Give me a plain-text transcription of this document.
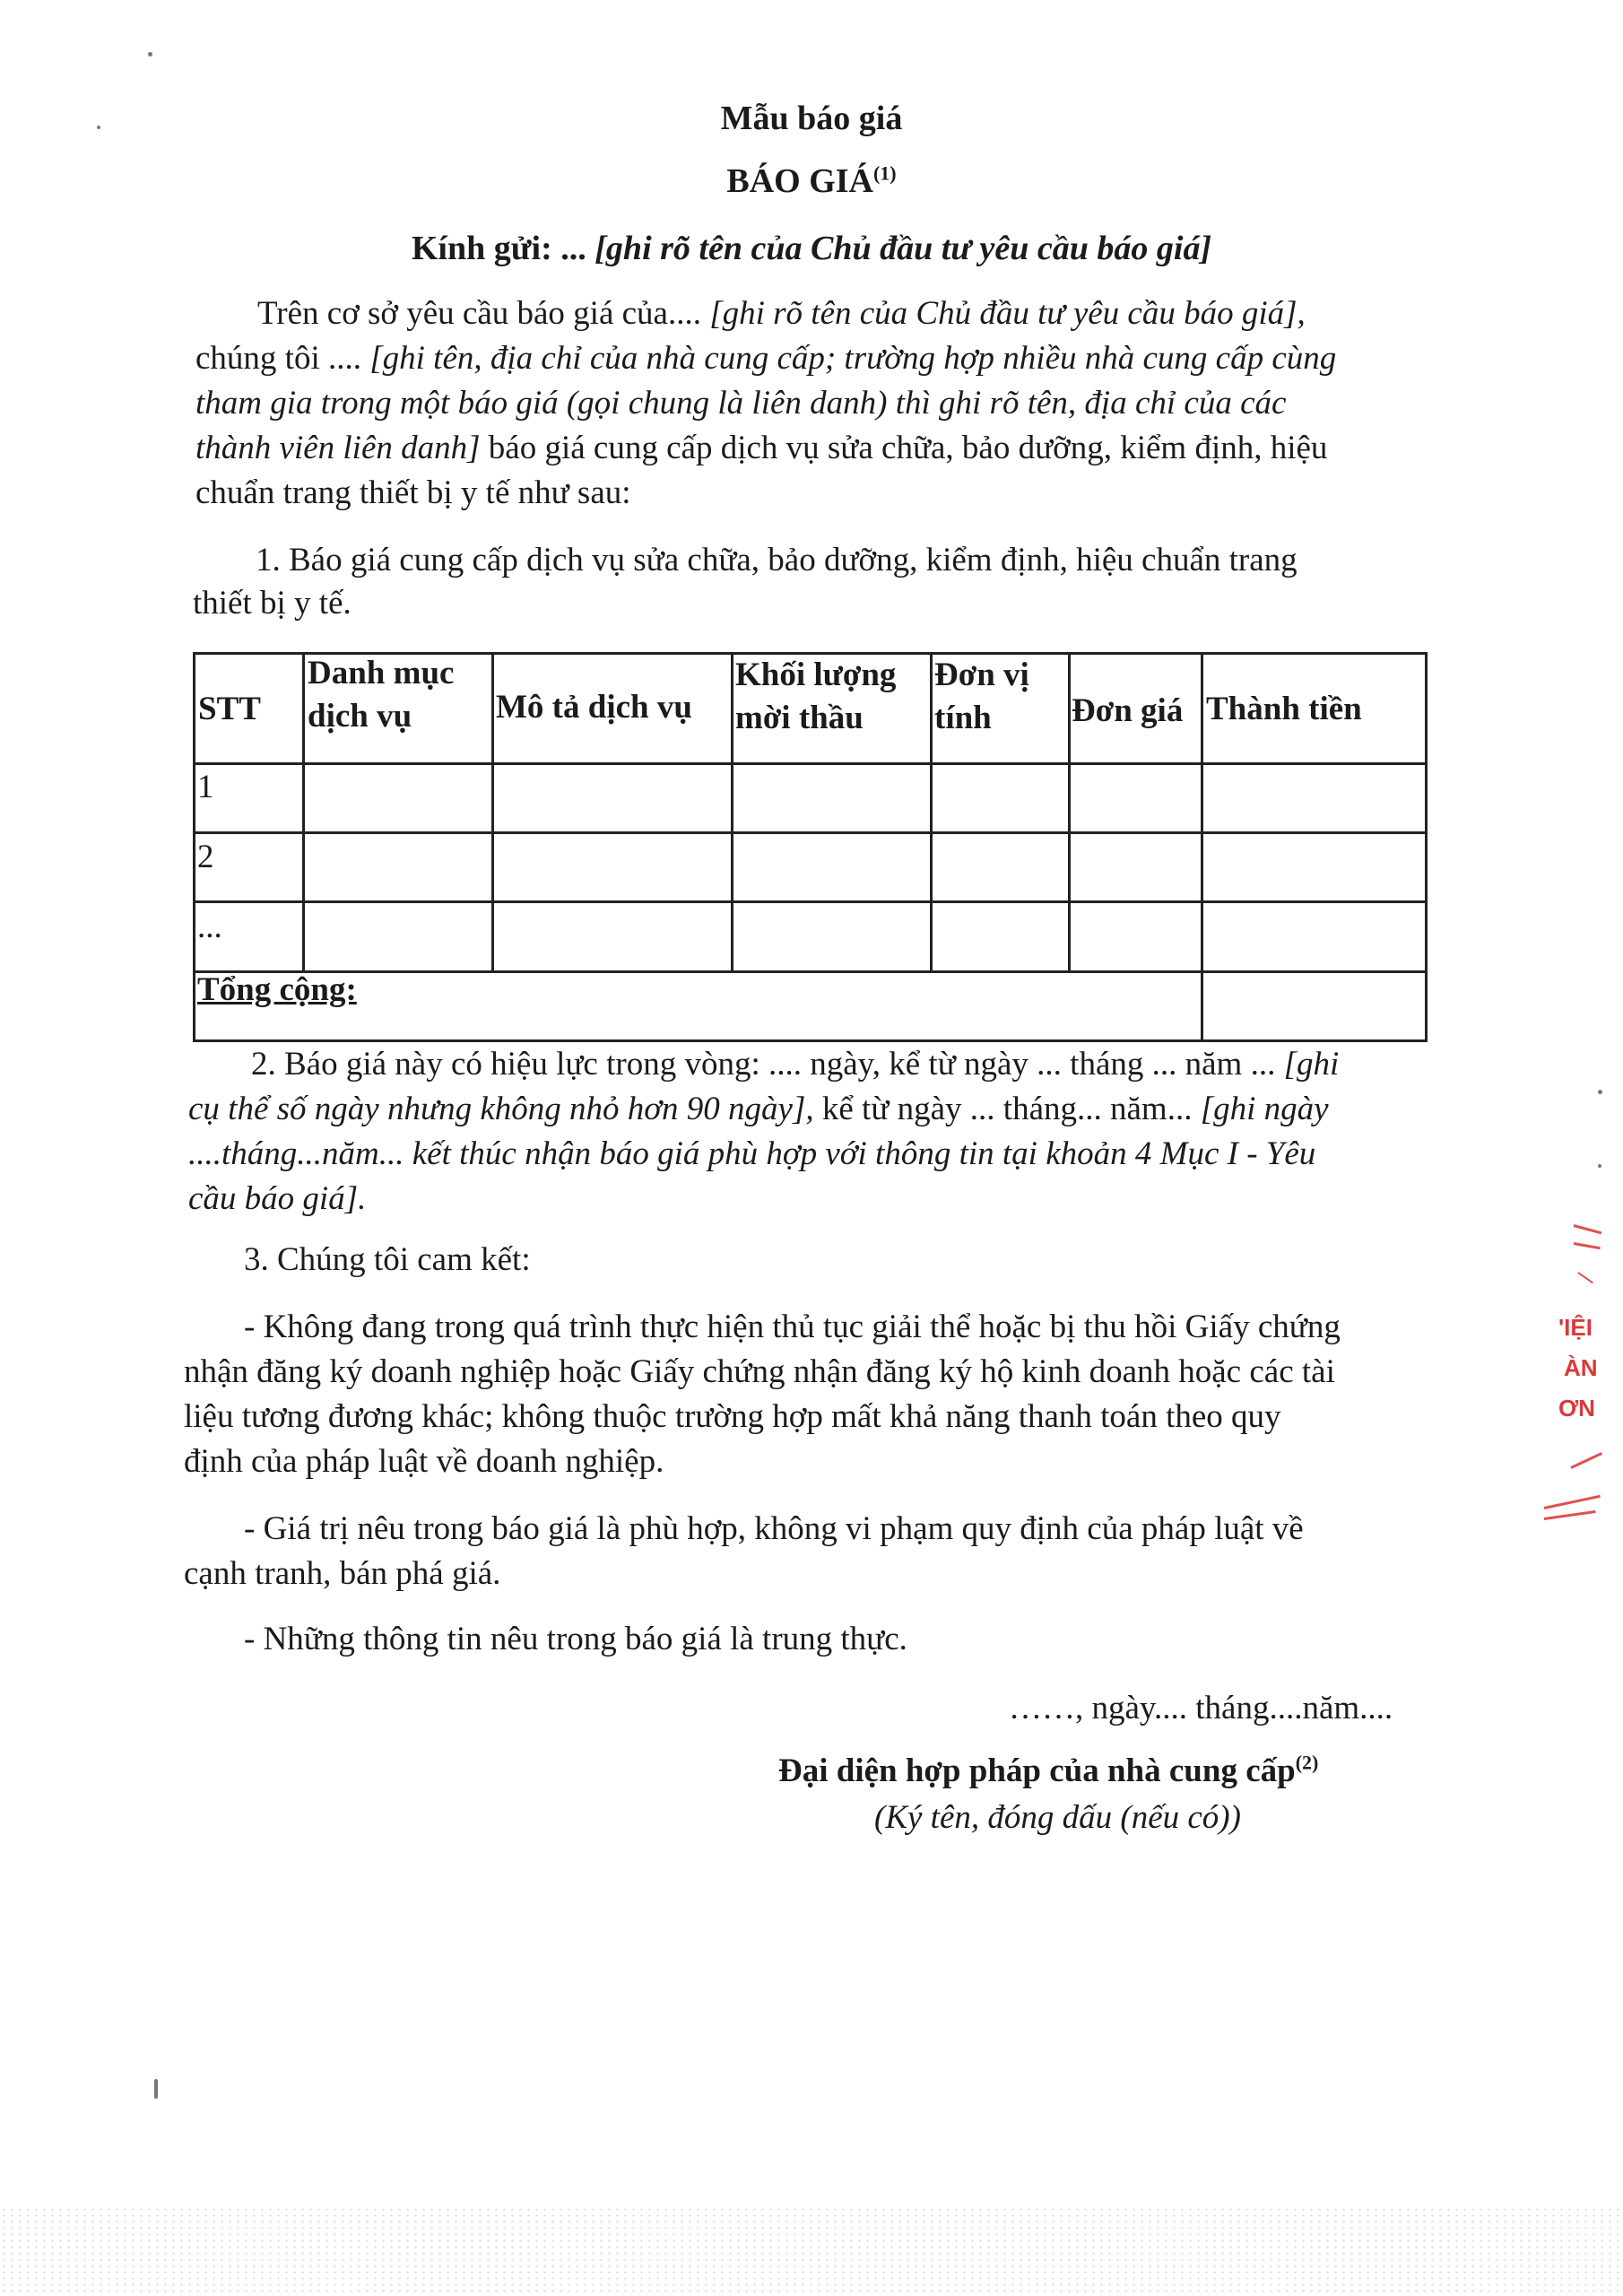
Mẫu báo giá
BÁO GIÁ$^{(1)}$
Kính gửi: ... [ghi rõ tên của Chủ đầu tư yêu cầu báo giá]
Trên cơ sở yêu cầu báo giá của.... [ghi rõ tên của Chủ đầu tư yêu cầu báo giá],
chúng tôi .... [ghi tên, địa chỉ của nhà cung cấp; trường hợp nhiều nhà cung cấp cùng
tham gia trong một báo giá (gọi chung là liên danh) thì ghi rõ tên, địa chỉ của các
thành viên liên danh] báo giá cung cấp dịch vụ sửa chữa, bảo dưỡng, kiểm định, hiệu
chuẩn trang thiết bị y tế như sau:
1. Báo giá cung cấp dịch vụ sửa chữa, bảo dưỡng, kiểm định, hiệu chuẩn trang
thiết bị y tế.
STT
Danh mục
dịch vụ	Mô tả dịch vụ
Khối lượng
mời thầu
Đơn vị
tính	Đơn giá Thành tiền
1
2
...
Tổng cộng:
2. Báo giá này có hiệu lực trong vòng: .... ngày, kể từ ngày ... tháng ... năm ... [ghi
cụ thể số ngày nhưng không nhỏ hơn 90 ngày], kể từ ngày ... tháng... năm... [ghi ngày
....tháng...năm... kết thúc nhận báo giá phù hợp với thông tin tại khoản 4 Mục I - Yêu
cầu báo giá].
3. Chúng tôi cam kết:
- Không đang trong quá trình thực hiện thủ tục giải thể hoặc bị thu hồi Giấy chứng
nhận đăng ký doanh nghiệp hoặc Giấy chứng nhận đăng ký hộ kinh doanh hoặc các tài
liệu tương đương khác; không thuộc trường hợp mất khả năng thanh toán theo quy
định của pháp luật về doanh nghiệp.
- Giá trị nêu trong báo giá là phù hợp, không vi phạm quy định của pháp luật về
cạnh tranh, bán phá giá.
- Những thông tin nêu trong báo giá là trung thực.
……, ngày.... tháng....năm....
Đại diện hợp pháp của nhà cung cấp$^{(2)}$
(Ký tên, đóng dấu (nếu có))
'IỆI
ÀN
ƠN
